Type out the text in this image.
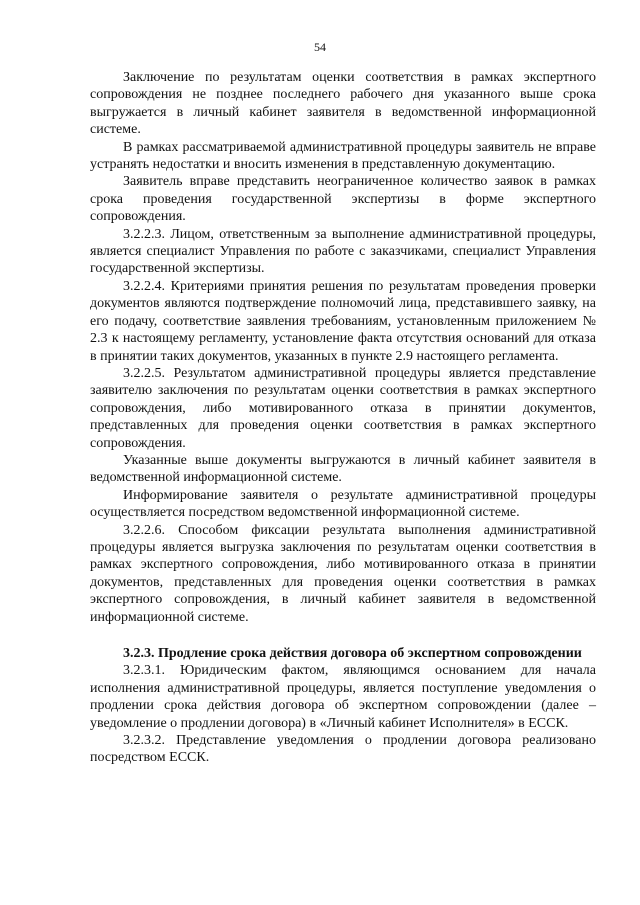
54

Заключение по результатам оценки соответствия в рамках экспертного сопровождения не позднее последнего рабочего дня указанного выше срока выгружается в личный кабинет заявителя в ведомственной информационной системе.

В рамках рассматриваемой административной процедуры заявитель не вправе устранять недостатки и вносить изменения в представленную документацию.

Заявитель вправе представить неограниченное количество заявок в рамках срока проведения государственной экспертизы в форме экспертного сопровождения.

3.2.2.3. Лицом, ответственным за выполнение административной процедуры, является специалист Управления по работе с заказчиками, специалист Управления государственной экспертизы.

3.2.2.4. Критериями принятия решения по результатам проведения проверки документов являются подтверждение полномочий лица, представившего заявку, на его подачу, соответствие заявления требованиям, установленным приложением № 2.3 к настоящему регламенту, установление факта отсутствия оснований для отказа в принятии таких документов, указанных в пункте 2.9 настоящего регламента.

3.2.2.5. Результатом административной процедуры является представление заявителю заключения по результатам оценки соответствия в рамках экспертного сопровождения, либо мотивированного отказа в принятии документов, представленных для проведения оценки соответствия в рамках экспертного сопровождения.

Указанные выше документы выгружаются в личный кабинет заявителя в ведомственной информационной системе.

Информирование заявителя о результате административной процедуры осуществляется посредством ведомственной информационной системе.

3.2.2.6. Способом фиксации результата выполнения административной процедуры является выгрузка заключения по результатам оценки соответствия в рамках экспертного сопровождения, либо мотивированного отказа в принятии документов, представленных для проведения оценки соответствия в рамках экспертного сопровождения, в личный кабинет заявителя в ведомственной информационной системе.

3.2.3. Продление срока действия договора об экспертном сопровождении

3.2.3.1. Юридическим фактом, являющимся основанием для начала исполнения административной процедуры, является поступление уведомления о продлении срока действия договора об экспертном сопровождении (далее – уведомление о продлении договора) в «Личный кабинет Исполнителя» в ЕССК.

3.2.3.2. Представление уведомления о продлении договора реализовано посредством ЕССК.
